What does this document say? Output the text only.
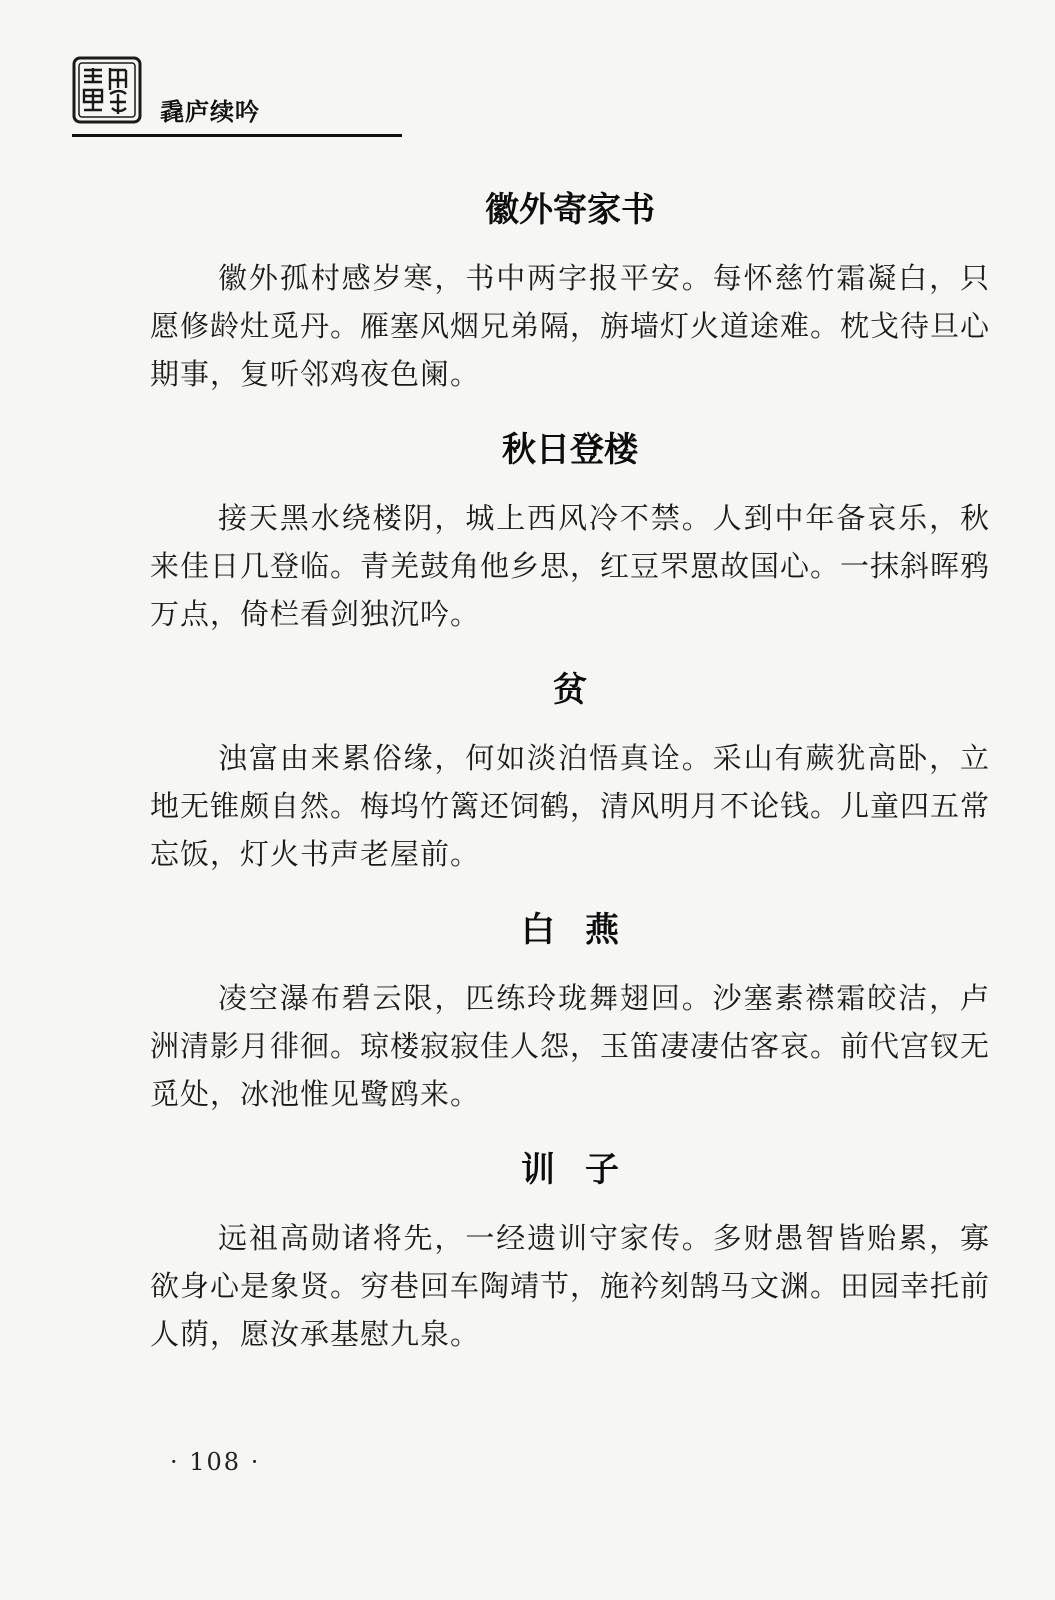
毳庐续吟
徽外寄家书

徽外孤村感岁寒，书中两字报平安。每怀慈竹霜凝白，只愿修龄灶觅丹。雁塞风烟兄弟隔，旃墙灯火道途难。枕戈待旦心期事，复听邻鸡夜色阑。

秋日登楼

接天黑水绕楼阴，城上西风冷不禁。人到中年备哀乐，秋来佳日几登临。青羌鼓角他乡思，红豆罘罳故国心。一抹斜晖鸦万点，倚栏看剑独沉吟。

贫

浊富由来累俗缘，何如淡泊悟真诠。采山有蕨犹高卧，立地无锥颇自然。梅坞竹篱还饲鹤，清风明月不论钱。儿童四五常忘饭，灯火书声老屋前。

白燕

凌空瀑布碧云限，匹练玲珑舞翅回。沙塞素襟霜皎洁，卢洲清影月徘徊。琼楼寂寂佳人怨，玉笛凄凄估客哀。前代宫钗无觅处，冰池惟见鹭鸥来。

训子

远祖高勋诸将先，一经遗训守家传。多财愚智皆贻累，寡欲身心是象贤。穷巷回车陶靖节，施衿刻鹄马文渊。田园幸托前人荫，愿汝承基慰九泉。

· 108 ·
